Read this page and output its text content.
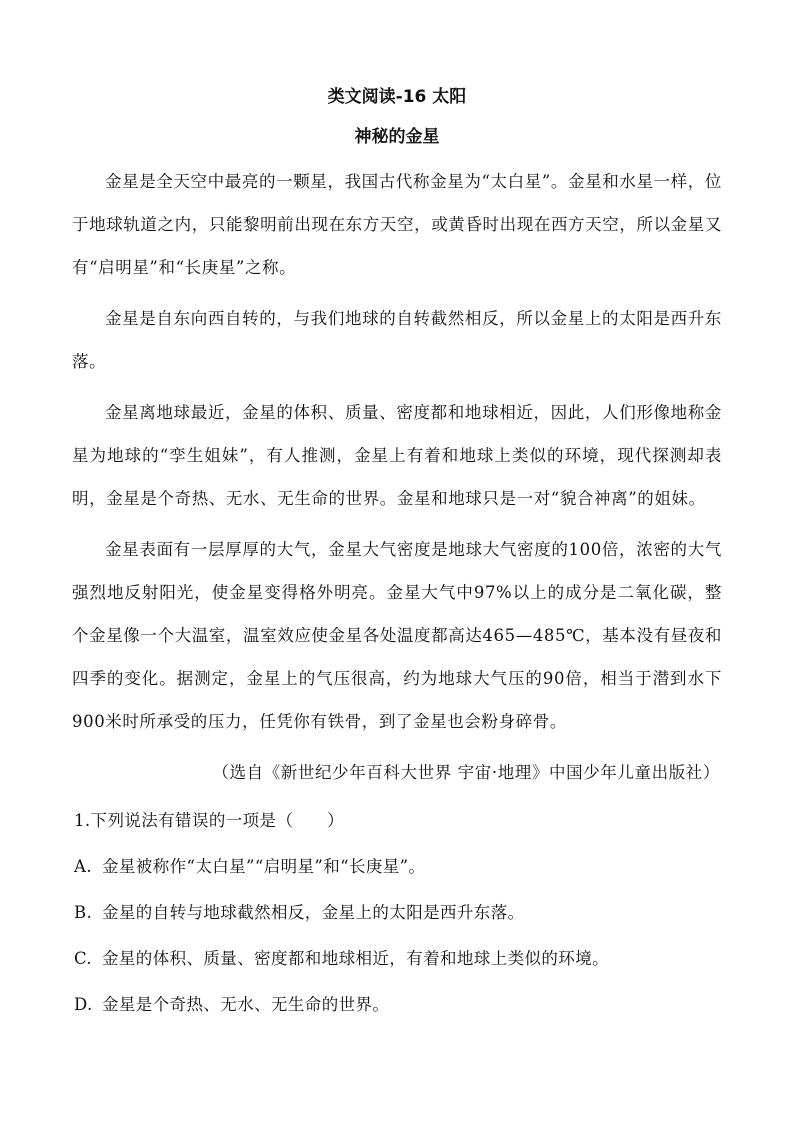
类文阅读-16 太阳
神秘的金星

金星是全天空中最亮的一颗星，我国古代称金星为“太白星”。金星和水星一样，位于地球轨道之内，只能黎明前出现在东方天空，或黄昏时出现在西方天空，所以金星又有“启明星”和“长庚星”之称。

金星是自东向西自转的，与我们地球的自转截然相反，所以金星上的太阳是西升东落。

金星离地球最近，金星的体积、质量、密度都和地球相近，因此，人们形像地称金星为地球的“孪生姐妹”，有人推测，金星上有着和地球上类似的环境，现代探测却表明，金星是个奇热、无水、无生命的世界。金星和地球只是一对“貌合神离”的姐妹。

金星表面有一层厚厚的大气，金星大气密度是地球大气密度的100倍，浓密的大气强烈地反射阳光，使金星变得格外明亮。金星大气中97%以上的成分是二氧化碳，整个金星像一个大温室，温室效应使金星各处温度都高达465—485℃，基本没有昼夜和四季的变化。据测定，金星上的气压很高，约为地球大气压的90倍，相当于潜到水下900米时所承受的压力，任凭你有铁骨，到了金星也会粉身碎骨。

（选自《新世纪少年百科大世界 宇宙·地理》中国少年儿童出版社）

1.下列说法有错误的一项是（　　）
A. 金星被称作“太白星”“启明星”和“长庚星”。
B. 金星的自转与地球截然相反，金星上的太阳是西升东落。
C. 金星的体积、质量、密度都和地球相近，有着和地球上类似的环境。
D. 金星是个奇热、无水、无生命的世界。
